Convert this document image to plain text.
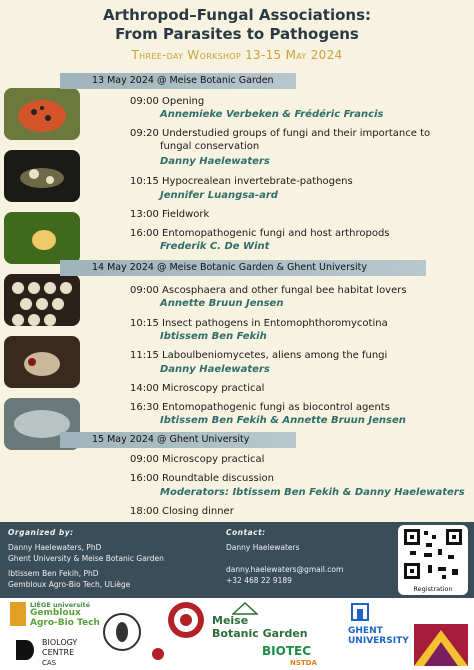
Arthropod–Fungal Associations:
From Parasites to Pathogens
Three-day Workshop 13-15 May 2024
13 May 2024 @ Meise Botanic Garden
14 May 2024 @ Meise Botanic Garden & Ghent University
15 May 2024 @ Ghent University
09:00 Opening
Annemieke Verbeken & Frédéric Francis
09:20 Understudied groups of fungi and their importance to
fungal conservation
Danny Haelewaters
10:15 Hypocrealean invertebrate-pathogens
Jennifer Luangsa-ard
13:00 Fieldwork
16:00 Entomopathogenic fungi and host arthropods
Frederik C. De Wint
09:00 Ascosphaera and other fungal bee habitat lovers
Annette Bruun Jensen
10:15 Insect pathogens in Entomophthoromycotina
Ibtissem Ben Fekih
11:15 Laboulbeniomycetes, aliens among the fungi
Danny Haelewaters
14:00 Microscopy practical
16:30 Entomopathogenic fungi as biocontrol agents
Ibtissem Ben Fekih & Annette Bruun Jensen
09:00 Microscopy practical
16:00 Roundtable discussion
Moderators: Ibtissem Ben Fekih & Danny Haelewaters
18:00 Closing dinner
Organized by:
Danny Haelewaters, PhD
Ghent University & Meise Botanic Garden
Ibtissem Ben Fekih, PhD
Gembloux Agro-Bio Tech, ULiège
Contact:
Danny Haelewaters
danny.haelewaters@gmail.com
+32 468 22 9189
Registration
LIÈGE université
Gembloux
Agro-Bio Tech
BIOLOGY
CENTRE
CAS
Meise
Botanic Garden	GHENT
UNIVERSITY
BIOTEC
NSTDA
